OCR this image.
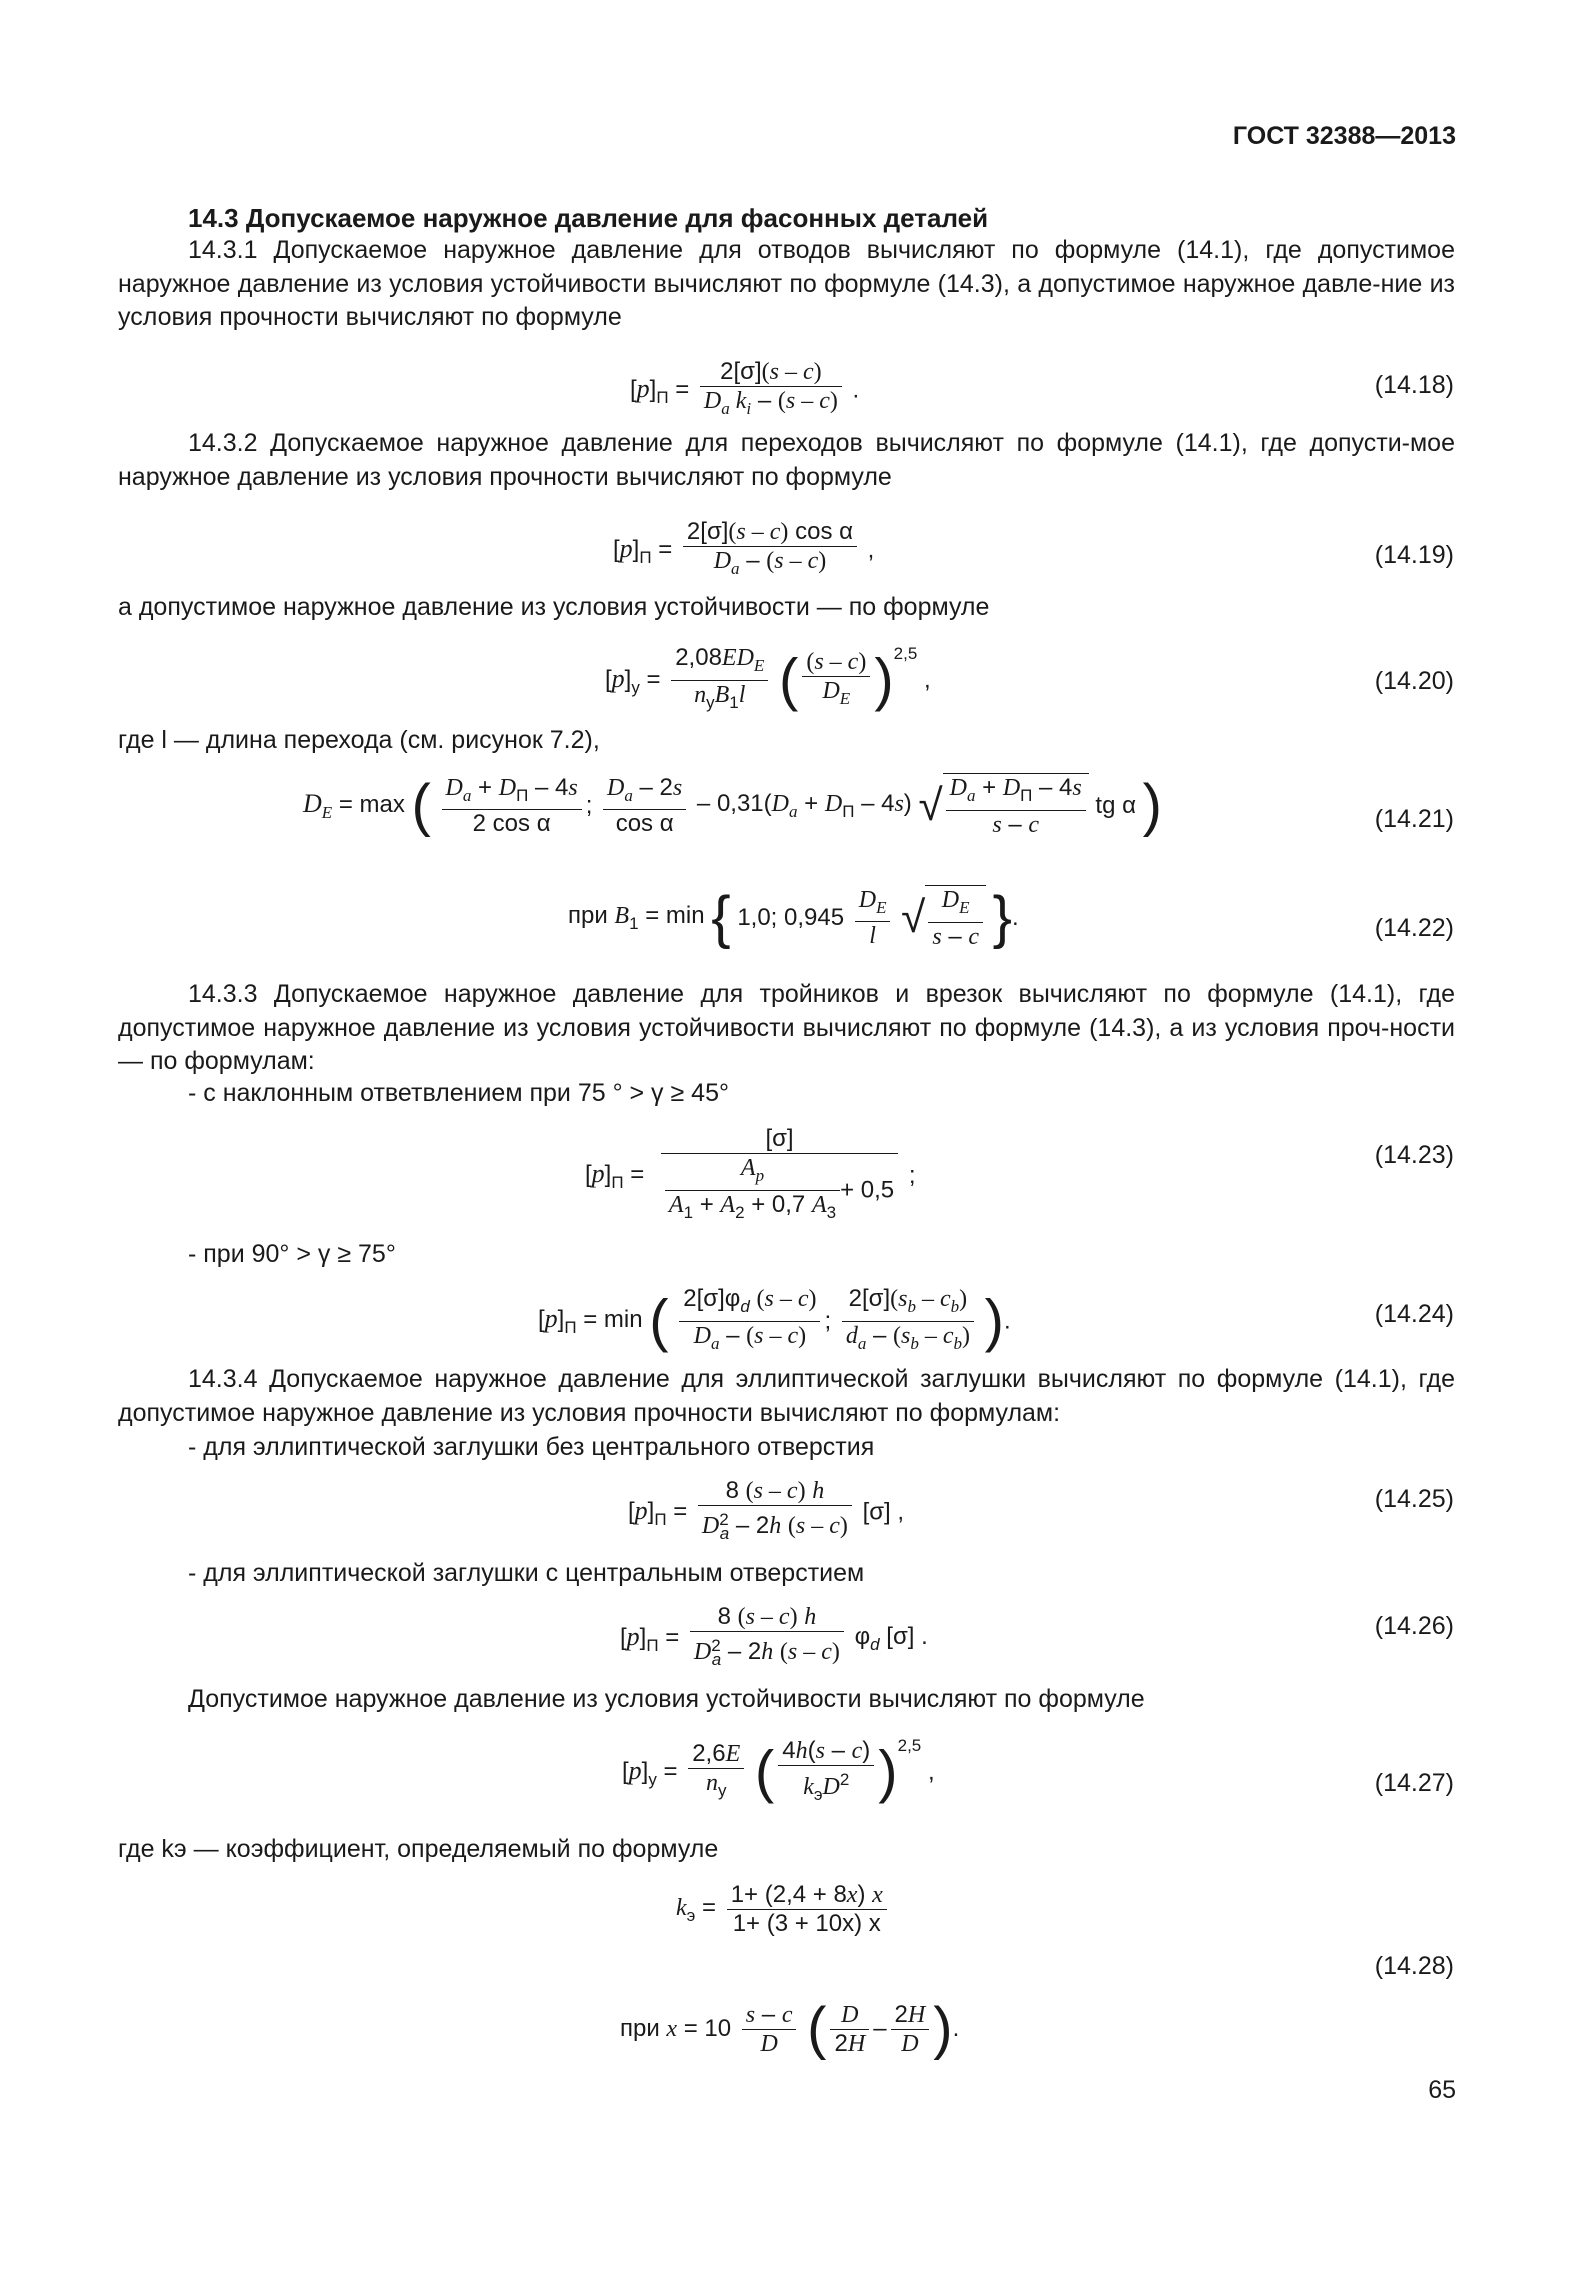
ГОСТ 32388—2013
14.3 Допускаемое наружное давление для фасонных деталей
14.3.1 Допускаемое наружное давление для отводов вычисляют по формуле (14.1), где допустимое наружное давление из условия устойчивости вычисляют по формуле (14.3), а допустимое наружное давле-ние из условия прочности вычисляют по формуле
$[p]_П = \frac{2[\sigma](s - c)}{D_a k_i - (s - c)}$ .	(14.18)
14.3.2 Допускаемое наружное давление для переходов вычисляют по формуле (14.1), где допусти-мое наружное давление из условия прочности вычисляют по формуле
$[p]_П = \frac{\text{2[σ](s – c) cos α}}{D_a - (s - c)}$ ,	(14.19)
а допустимое наружное давление из условия устойчивости — по формуле
$[p]_у = \frac{2,08ED_E}{n_уB_1l}$ ( $\frac{(s - c)}{D_E} )^{2,5}$ ,	(14.20)
где l — длина перехода (см. рисунок 7.2),
$D_E = \max$ ( $\frac{D_a + D_П - 4s}{\text{2 cos α}}$ ; $\frac{D_a - 2s}{\text{cos α}} - 0,31(D_a + D_П - 4s)$ √ $\frac{D_a + D_П - 4s}{s - c}$ tg α )	(14.21)
при $B_1 = \min$ { 1,0; $0,945 \frac{D_E}{l}$ √ $\frac{D_E}{s - c}$ }.	(14.22)
14.3.3 Допускаемое наружное давление для тройников и врезок вычисляют по формуле (14.1), где допустимое наружное давление из условия устойчивости вычисляют по формуле (14.3), а из условия проч-ности — по формулам:
- с наклонным ответвлением при 75 ° > γ ≥ 45°
$[p]_П = \frac{[\sigma]}{\frac{A_p}{A_1 + A_2 + 0,7 A_3} + 0,5}$ ;
(14.23)
- при 90° > γ ≥ 75°
$[p]_П = \min$ ( $\frac{2[\sigma]\varphi_d (s - c)}{D_a - (s - c)}$ ; $\frac{2[\sigma](s_b - c_b)}{d_a - (s_b - c_b)}$ ).	(14.24)
14.3.4 Допускаемое наружное давление для эллиптической заглушки вычисляют по формуле (14.1), где допустимое наружное давление из условия прочности вычисляют по формулам:
- для эллиптической заглушки без центрального отверстия
$[p]_П = \frac{8 (s - c) h}{D^2_a - 2h (s - c)} [\sigma]$ ,	(14.25)
- для эллиптической заглушки с центральным отверстием
$[p]_П = \frac{8 (s - c) h}{D^2_a - 2h (s - c)} \varphi_d$ [σ] .	(14.26)
Допустимое наружное давление из условия устойчивости вычисляют по формуле
$[p]_у = \frac{2,6E}{n_у}$ ( $\frac{4h(s - c)}{k_эD^2} )^{2,5}$ ,	(14.27)
где kэ — коэффициент, определяемый по формуле
$k_э = \frac{1+ (2,4 + 8x) x}{1+ (3 + 10x) x}$
(14.28)
при $x = 10 \frac{s - c}{D}$ ( $\frac{D}{2H} - \frac{2H}{D}$ ).
65
